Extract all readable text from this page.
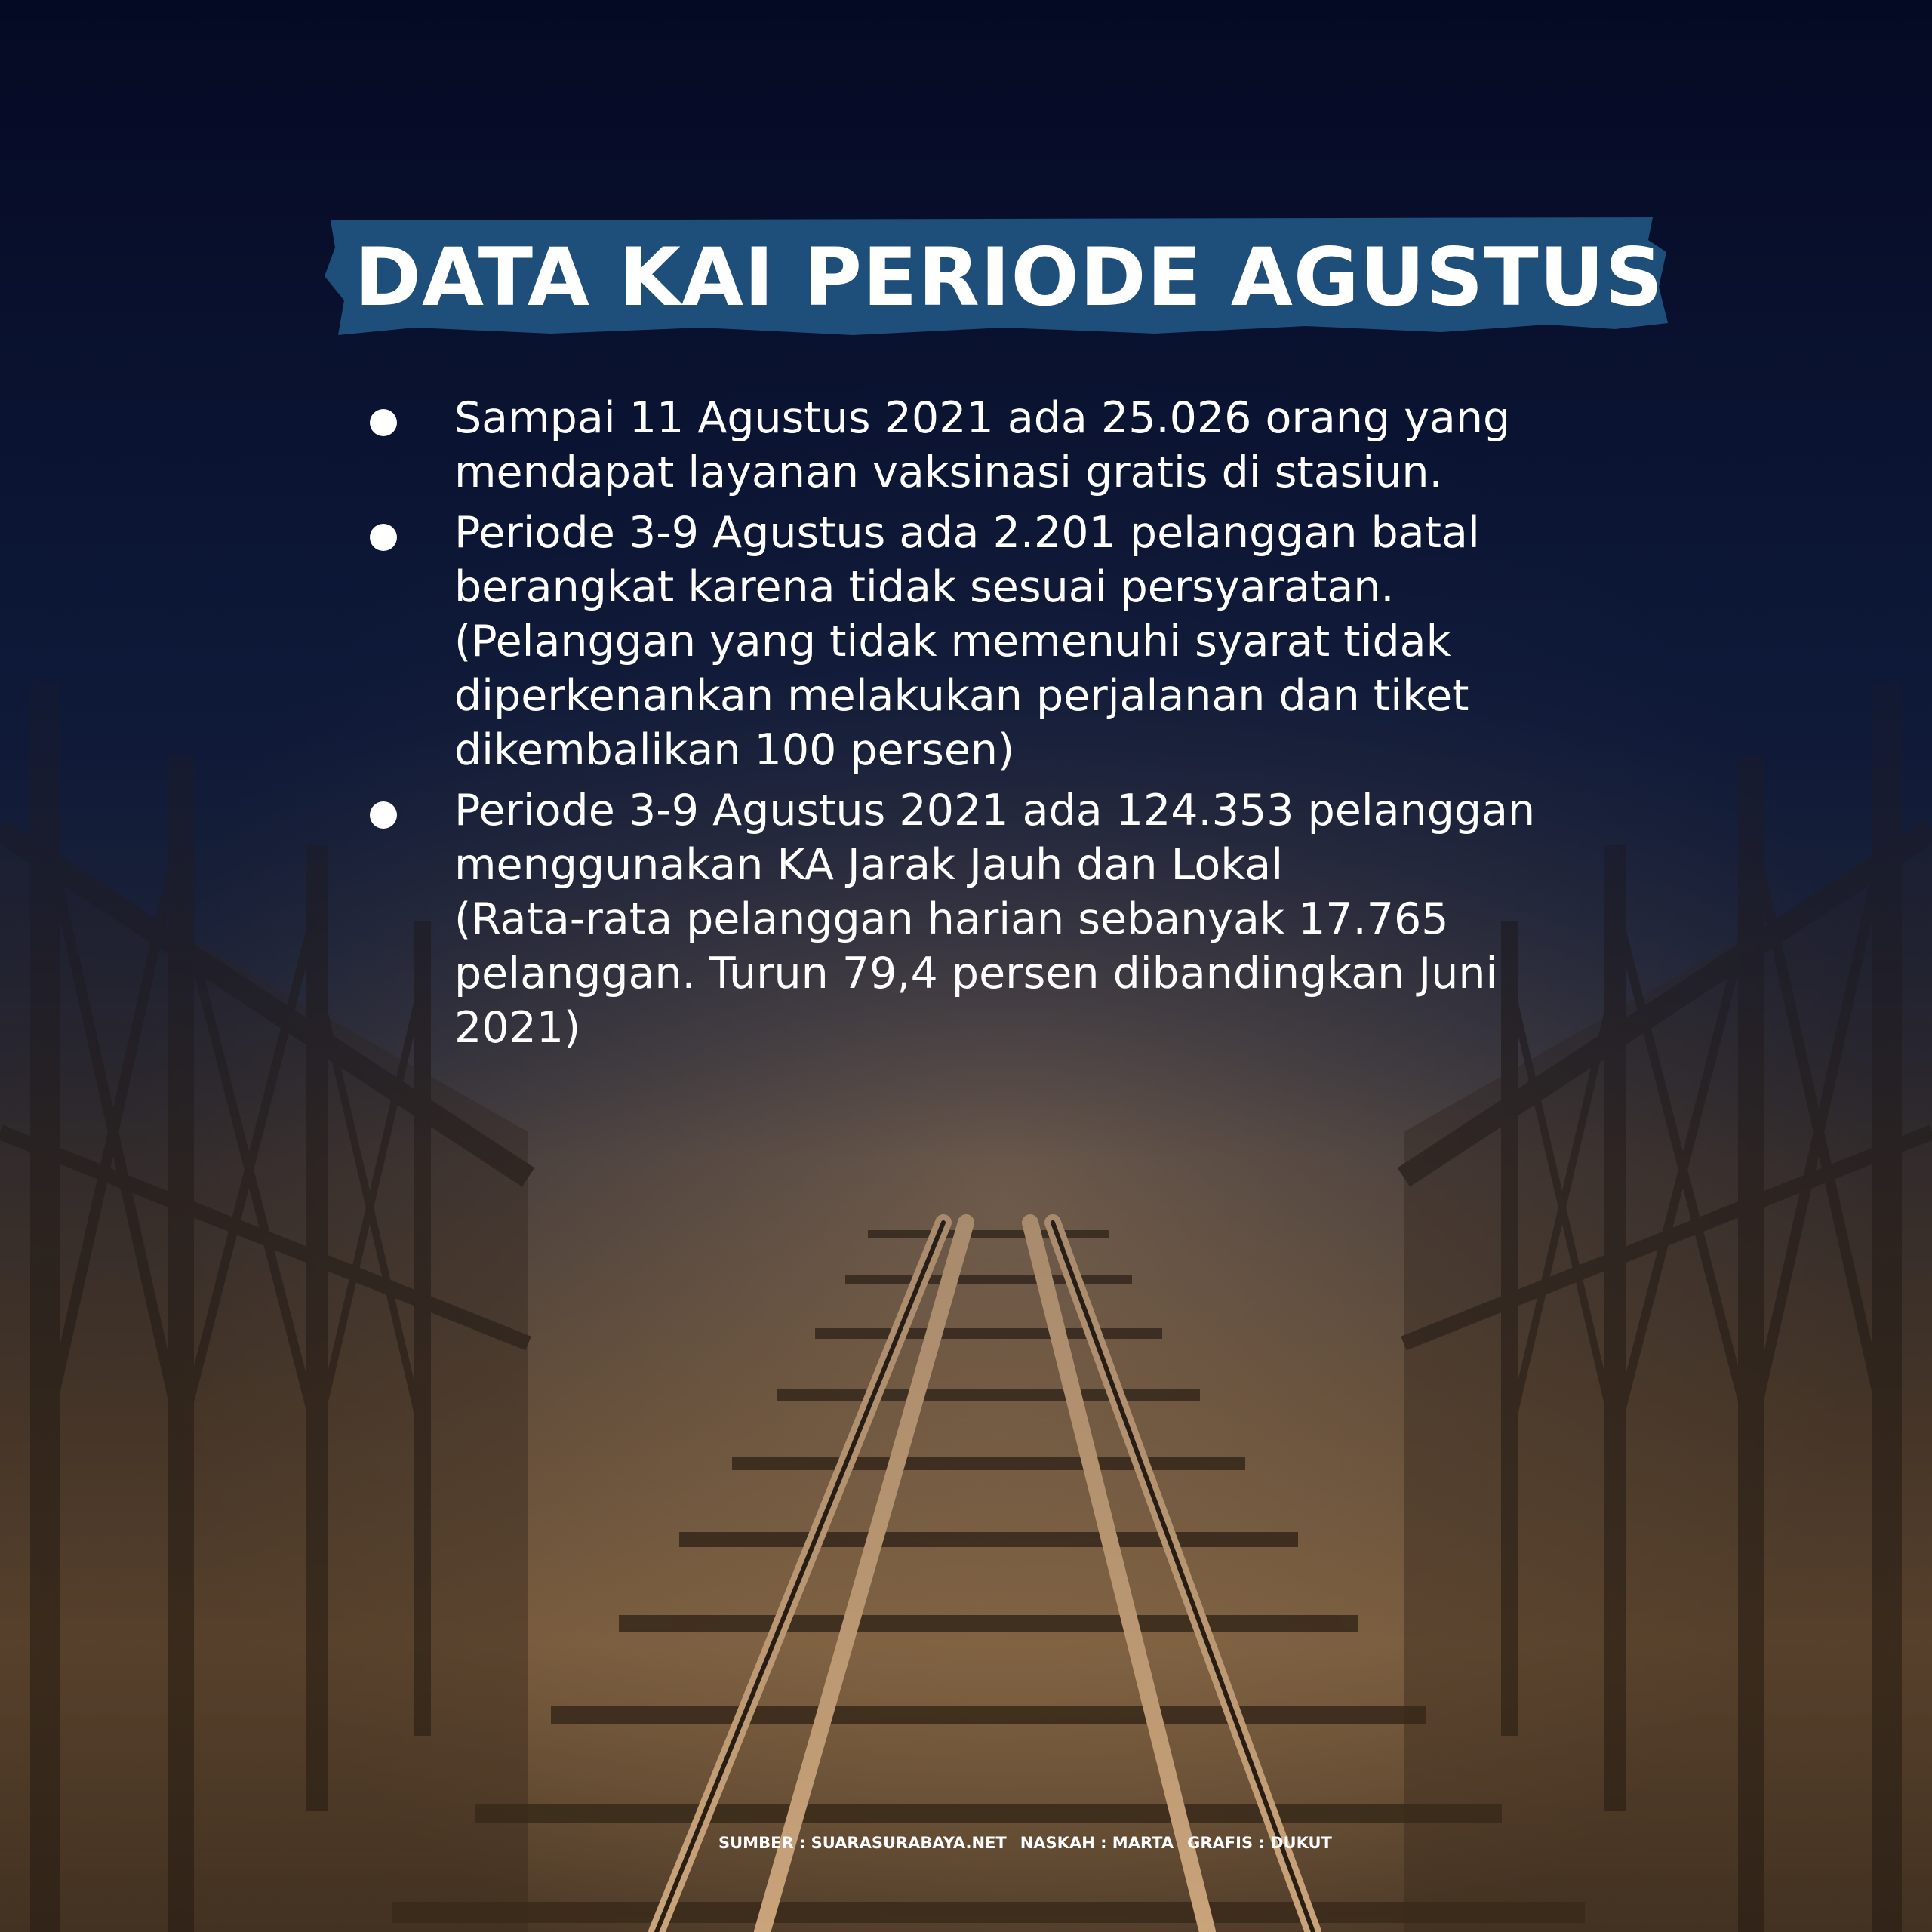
DATA KAI PERIODE AGUSTUS
Sampai 11 Agustus 2021 ada 25.026 orang yang mendapat layanan vaksinasi gratis di stasiun.
Periode 3-9 Agustus ada 2.201 pelanggan batal berangkat karena tidak sesuai persyaratan.
(Pelanggan yang tidak memenuhi syarat tidak diperkenankan melakukan perjalanan dan tiket dikembalikan 100 persen)
Periode 3-9 Agustus 2021 ada 124.353 pelanggan menggunakan KA Jarak Jauh dan Lokal
(Rata-rata pelanggan harian sebanyak 17.765 pelanggan. Turun 79,4 persen dibandingkan Juni 2021)
SUMBER : SUARASURABAYA.NET NASKAH : MARTA GRAFIS : DUKUT
